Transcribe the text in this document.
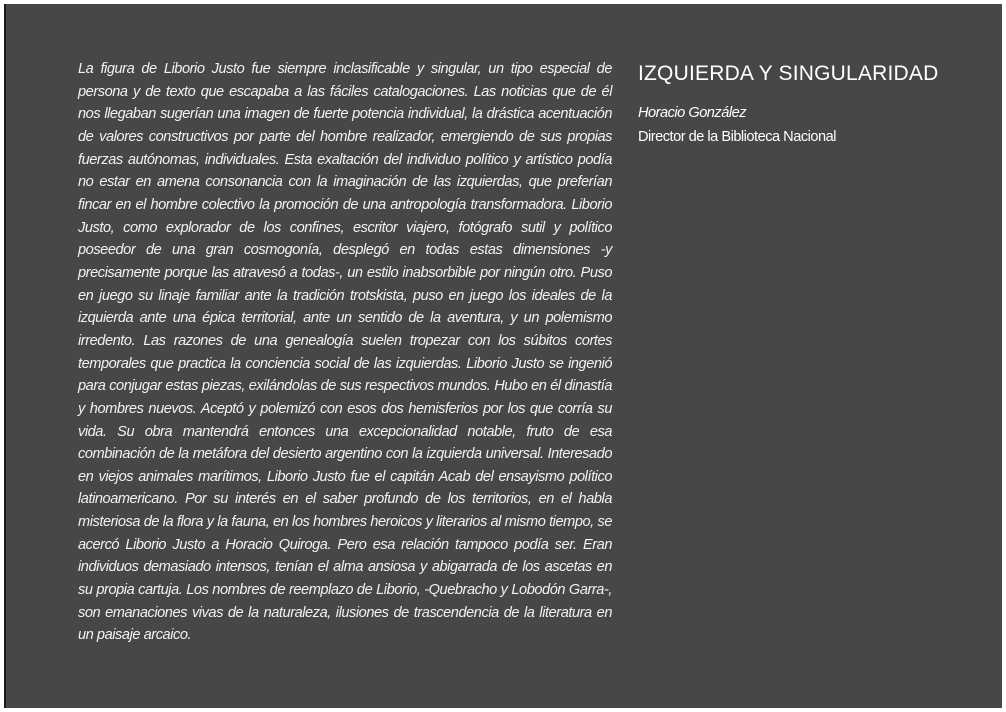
La figura de Liborio Justo fue siempre inclasificable y singular, un tipo especial de persona y de texto que escapaba a las fáciles catalogaciones. Las noticias que de él nos llegaban sugerían una imagen de fuerte potencia individual, la drástica acentuación de valores constructivos por parte del hombre realizador, emergiendo de sus propias fuerzas autónomas, individuales. Esta exaltación del individuo político y artístico podía no estar en amena consonancia con la imaginación de las izquierdas, que preferían fincar en el hombre colectivo la promoción de una antropología transformadora. Liborio Justo, como explorador de los confines, escritor viajero, fotógrafo sutil y político poseedor de una gran cosmogonía, desplegó en todas estas dimensiones -y precisamente porque las atravesó a todas-, un estilo inabsorbible por ningún otro. Puso en juego su linaje familiar ante la tradición trotskista, puso en juego los ideales de la izquierda ante una épica territorial, ante un sentido de la aventura, y un polemismo irredento. Las razones de una genealogía suelen tropezar con los súbitos cortes temporales que practica la conciencia social de las izquierdas. Liborio Justo se ingenió para conjugar estas piezas, exilándolas de sus respectivos mundos. Hubo en él dinastía y hombres nuevos. Aceptó y polemizó con esos dos hemisferios por los que corría su vida. Su obra mantendrá entonces una excepcionalidad notable, fruto de esa combinación de la metáfora del desierto argentino con la izquierda universal. Interesado en viejos animales marítimos, Liborio Justo fue el capitán Acab del ensayismo político latinoamericano. Por su interés en el saber profundo de los territorios, en el habla misteriosa de la flora y la fauna, en los hombres heroicos y literarios al mismo tiempo, se acercó Liborio Justo a Horacio Quiroga. Pero esa relación tampoco podía ser. Eran individuos demasiado intensos, tenían el alma ansiosa y abigarrada de los ascetas en su propia cartuja. Los nombres de reemplazo de Liborio, -Quebracho y Lobodón Garra-, son emanaciones vivas de la naturaleza, ilusiones de trascendencia de la literatura en un paisaje arcaico.

IZQUIERDA Y SINGULARIDAD

Horacio González

Director de la Biblioteca Nacional
